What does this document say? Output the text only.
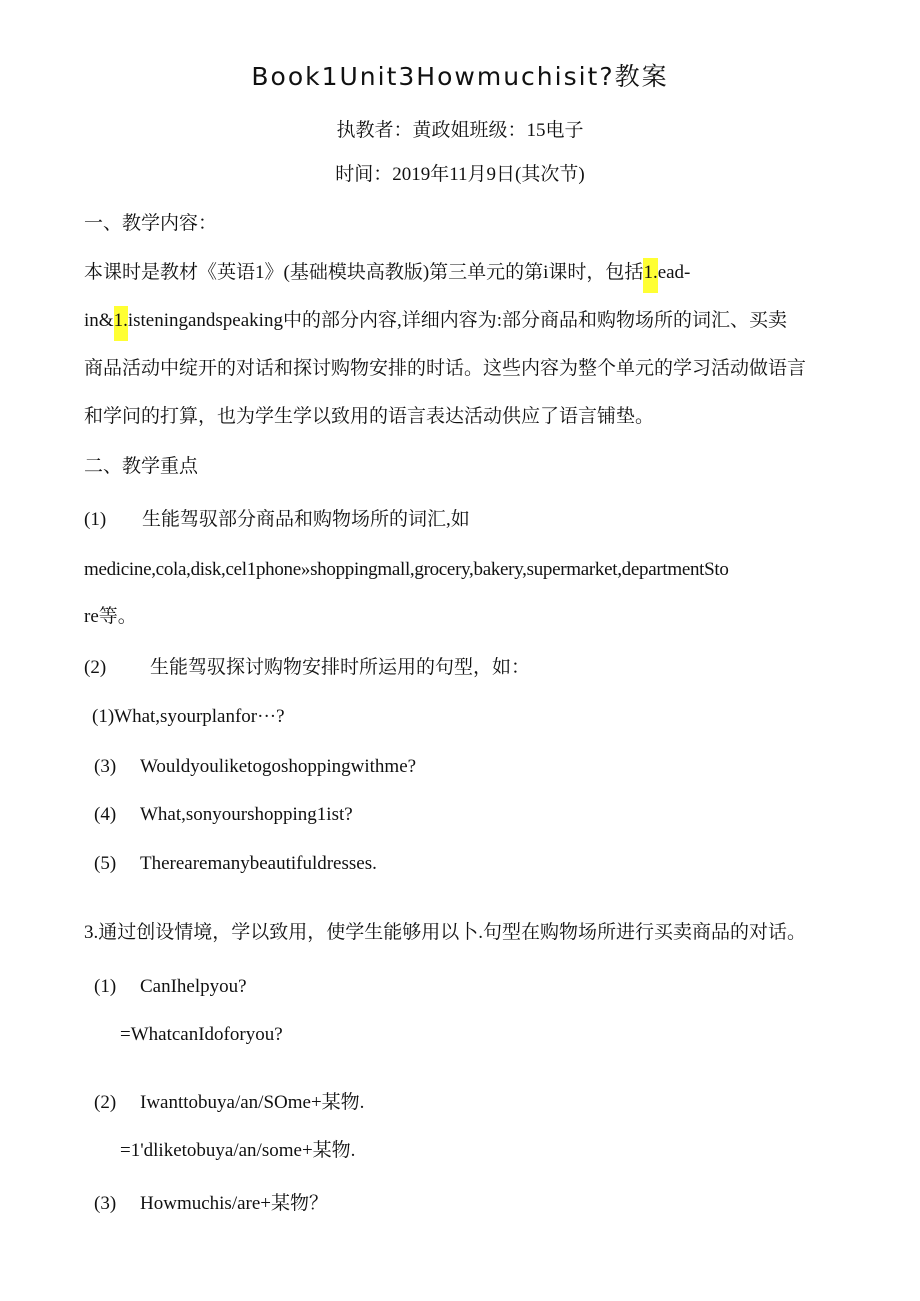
Book1Unit3Howmuchisit?教案
执教者：黄政姐班级：15电子
时间：2019年11月9日(其次节)
一、教学内容：
本课时是教材《英语1》(基础模块高教版)第三单元的第i课时，包括1.ead-
in&1.isteningandspeaking中的部分内容,详细内容为:部分商品和购物场所的词汇、买卖
商品活动中绽开的对话和探讨购物安排的时话。这些内容为整个单元的学习活动做语言
和学问的打算，也为学生学以致用的语言表达活动供应了语言铺垫。
二、教学重点
(1) 生能驾驭部分商品和购物场所的词汇,如
medicine,cola,disk,cel1phone»shoppingmall,grocery,bakery,supermarket,departmentSto
re等。
(2) 生能驾驭探讨购物安排时所运用的句型，如：
(1)What,syourplanfor···?
(3) Wouldyouliketogoshoppingwithme?
(4) What,sonyourshopping1ist?
(5) Therearemanybeautifuldresses.
3.通过创设情境，学以致用，使学生能够用以卜.句型在购物场所进行买卖商品的对话。
(1) CanIhelpyou?
=WhatcanIdoforyou?
(2) Iwanttobuya/an/SOme+某物.
=1'dliketobuya/an/some+某物.
(3) Howmuchis/are+某物？
